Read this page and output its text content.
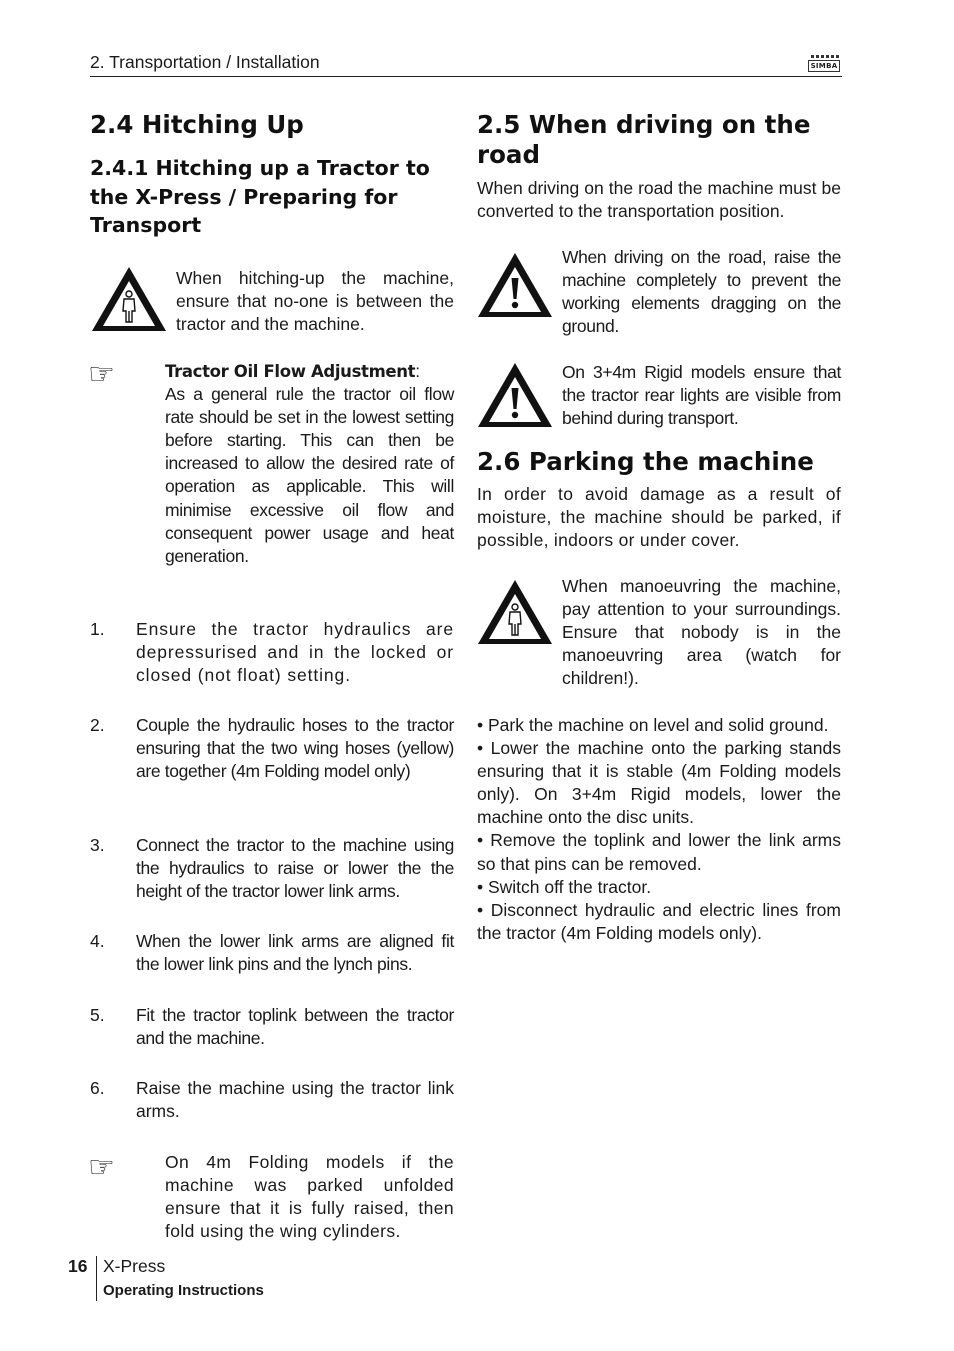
2. Transportation / Installation	SIMBA
2.4 Hitching Up
2.4.1 Hitching up a Tractor to the X-Press / Preparing for Transport

When hitching-up the machine, ensure that no-one is between the tractor and the machine.

☞	Tractor Oil Flow Adjustment:
As a general rule the tractor oil flow rate should be set in the lowest setting before starting. This can then be increased to allow the desired rate of operation as applicable. This will minimise excessive oil flow and consequent power usage and heat generation.

1. Ensure the tractor hydraulics are depressurised and in the locked or closed (not float) setting.

2. Couple the hydraulic hoses to the tractor ensuring that the two wing hoses (yellow) are together (4m Folding model only)

3. Connect the tractor to the machine using the hydraulics to raise or lower the the height of the tractor lower link arms.

4. When the lower link arms are aligned fit the lower link pins and the lynch pins.

5. Fit the tractor toplink between the tractor and the machine.

6. Raise the machine using the tractor link arms.

☞	On 4m Folding models if the machine was parked unfolded ensure that it is fully raised, then fold using the wing cylinders.

2.5 When driving on the road

When driving on the road the machine must be converted to the transportation position.

When driving on the road, raise the machine completely to prevent the working elements dragging on the ground.

On 3+4m Rigid models ensure that the tractor rear lights are visible from behind during transport.

2.6 Parking the machine

In order to avoid damage as a result of moisture, the machine should be parked, if possible, indoors or under cover.

When manoeuvring the machine, pay attention to your surroundings. Ensure that nobody is in the manoeuvring area (watch for children!).

• Park the machine on level and solid ground.

• Lower the machine onto the parking stands ensuring that it is stable (4m Folding models only). On 3+4m Rigid models, lower the machine onto the disc units.

• Remove the toplink and lower the link arms so that pins can be removed.

• Switch off the tractor.

• Disconnect hydraulic and electric lines from the tractor (4m Folding models only).

16 X-Press
Operating Instructions
